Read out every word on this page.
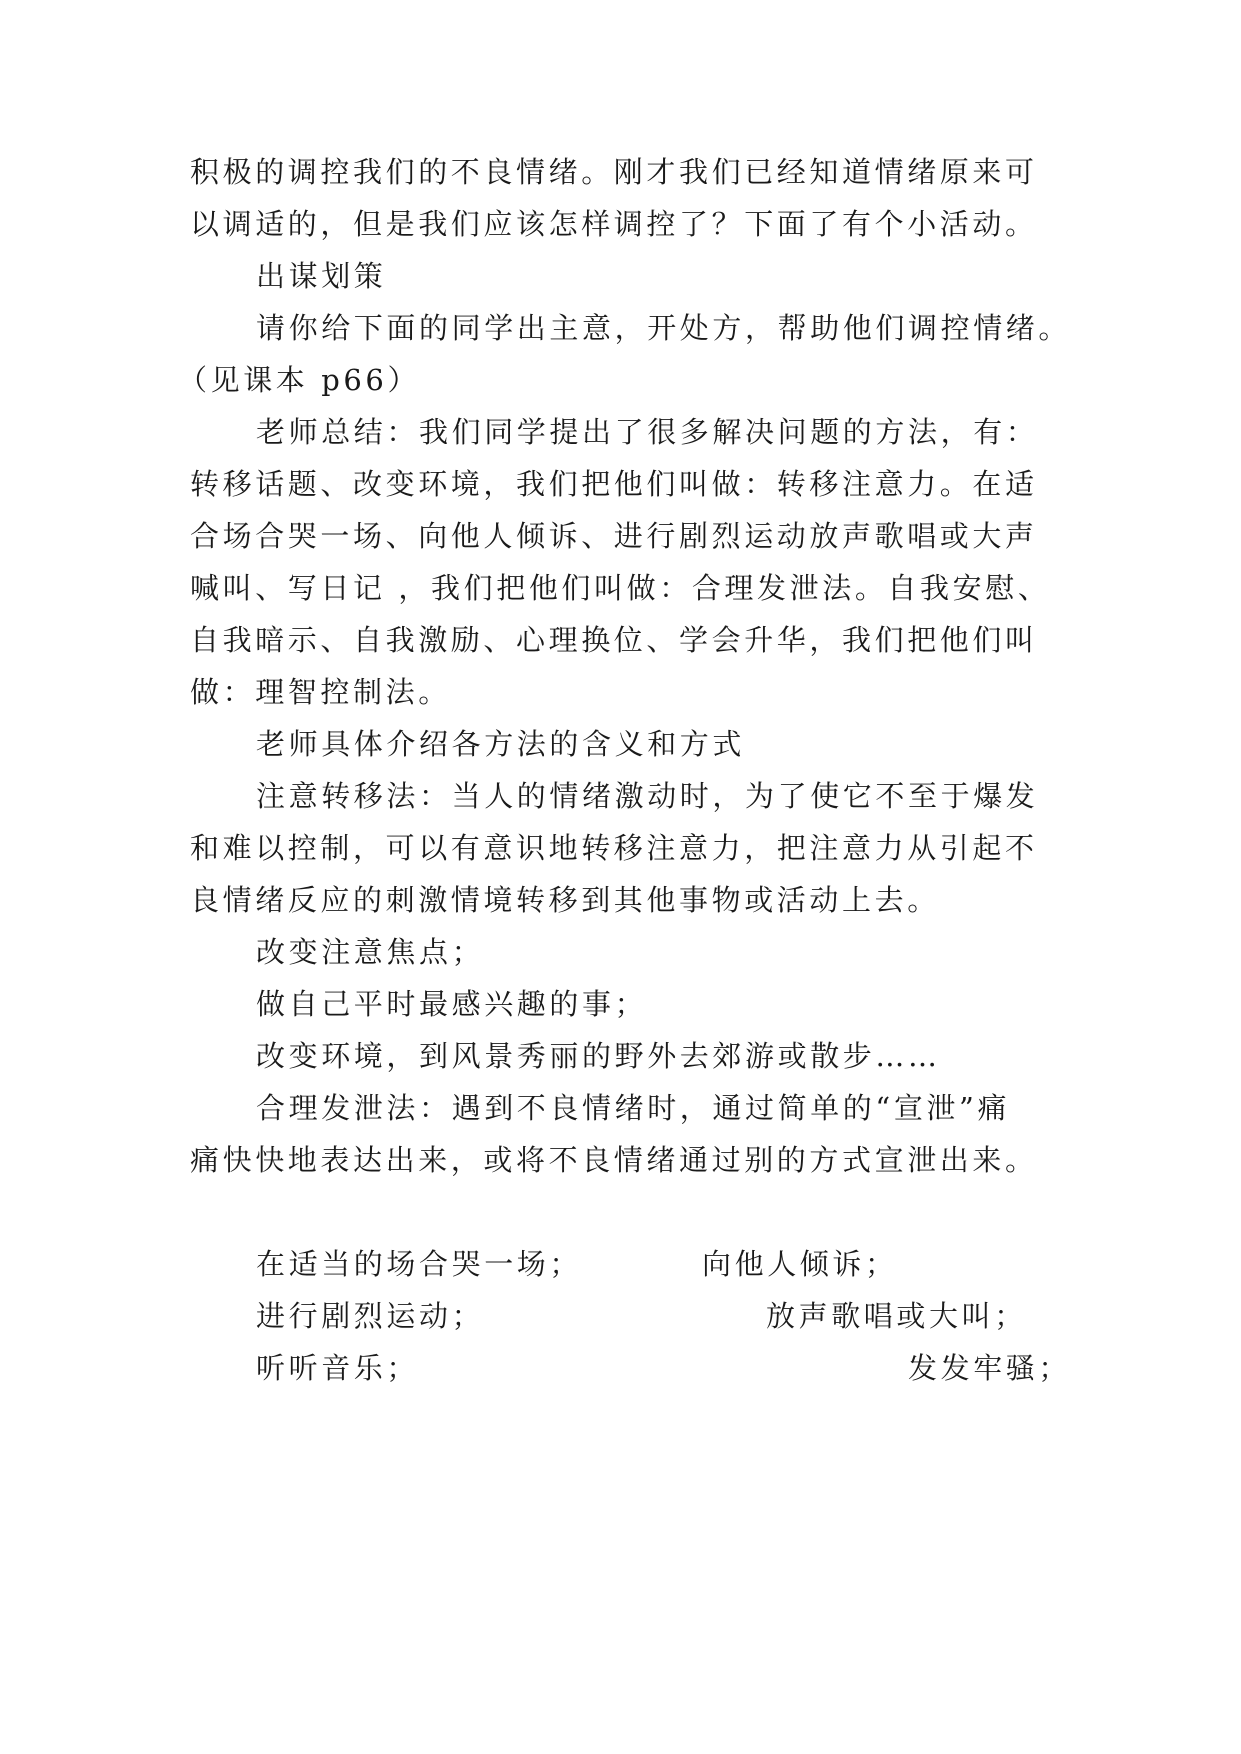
积极的调控我们的不良情绪。刚才我们已经知道情绪原来可
以调适的，但是我们应该怎样调控了？下面了有个小活动。
出谋划策
请你给下面的同学出主意，开处方，帮助他们调控情绪。
（见课本 p66）
老师总结：我们同学提出了很多解决问题的方法，有：
转移话题、改变环境，我们把他们叫做：转移注意力。在适
合场合哭一场、向他人倾诉、进行剧烈运动放声歌唱或大声
喊叫、写日记 ，我们把他们叫做：合理发泄法。自我安慰、
自我暗示、自我激励、心理换位、学会升华，我们把他们叫
做：理智控制法。
老师具体介绍各方法的含义和方式
注意转移法：当人的情绪激动时，为了使它不至于爆发
和难以控制，可以有意识地转移注意力，把注意力从引起不
良情绪反应的刺激情境转移到其他事物或活动上去。
改变注意焦点；
做自己平时最感兴趣的事；
改变环境，到风景秀丽的野外去郊游或散步……
合理发泄法：遇到不良情绪时，通过简单的“宣泄”痛
痛快快地表达出来，或将不良情绪通过别的方式宣泄出来。
在适当的场合哭一场；	向他人倾诉；
进行剧烈运动；	放声歌唱或大叫；
听听音乐；	发发牢骚；
